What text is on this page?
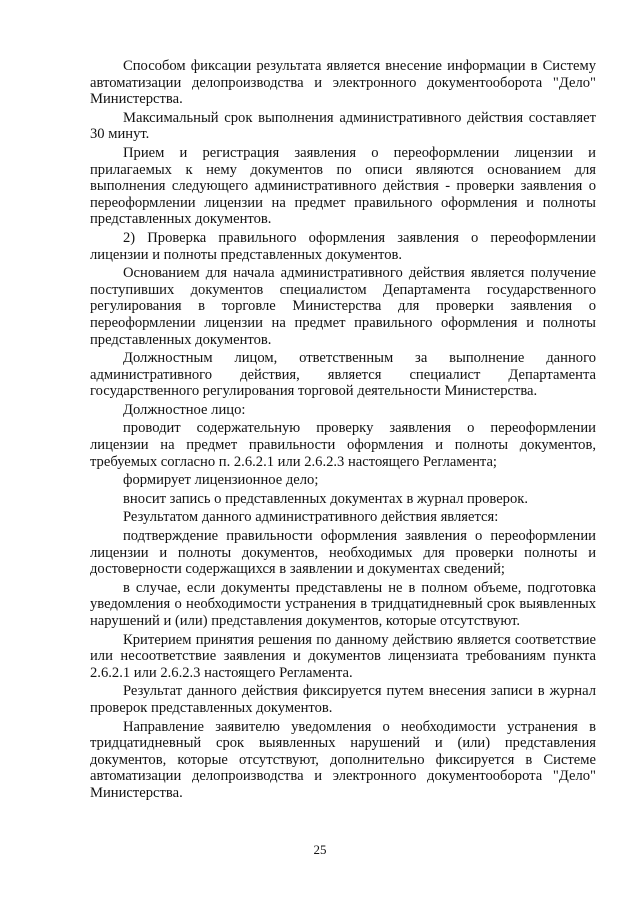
Способом фиксации результата является внесение информации в Систему автоматизации делопроизводства и электронного документооборота "Дело" Министерства.

Максимальный срок выполнения административного действия составляет 30 минут.

Прием и регистрация заявления о переоформлении лицензии и прилагаемых к нему документов по описи являются основанием для выполнения следующего административного действия - проверки заявления о переоформлении лицензии на предмет правильного оформления и полноты представленных документов.

2) Проверка правильного оформления заявления о переоформлении лицензии и полноты представленных документов.

Основанием для начала административного действия является получение поступивших документов специалистом Департамента государственного регулирования в торговле Министерства для проверки заявления о переоформлении лицензии на предмет правильного оформления и полноты представленных документов.

Должностным лицом, ответственным за выполнение данного административного действия, является специалист Департамента государственного регулирования торговой деятельности Министерства.

Должностное лицо:

проводит содержательную проверку заявления о переоформлении лицензии на предмет правильности оформления и полноты документов, требуемых согласно п. 2.6.2.1 или 2.6.2.3 настоящего Регламента;

формирует лицензионное дело;

вносит запись о представленных документах в журнал проверок.

Результатом данного административного действия является:

подтверждение правильности оформления заявления о переоформлении лицензии и полноты документов, необходимых для проверки полноты и достоверности содержащихся в заявлении и документах сведений;

в случае, если документы представлены не в полном объеме, подготовка уведомления о необходимости устранения в тридцатидневный срок выявленных нарушений и (или) представления документов, которые отсутствуют.

Критерием принятия решения по данному действию является соответствие или несоответствие заявления и документов лицензиата требованиям пункта 2.6.2.1 или 2.6.2.3 настоящего Регламента.

Результат данного действия фиксируется путем внесения записи в журнал проверок представленных документов.

Направление заявителю уведомления о необходимости устранения в тридцатидневный срок выявленных нарушений и (или) представления документов, которые отсутствуют, дополнительно фиксируется в Системе автоматизации делопроизводства и электронного документооборота "Дело" Министерства.

25
